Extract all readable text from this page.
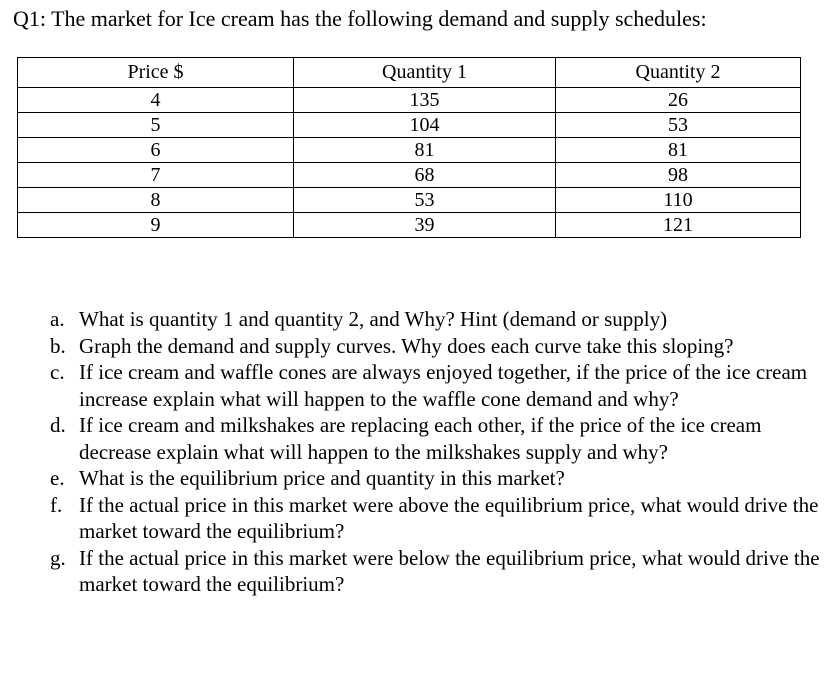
Q1: The market for Ice cream has the following demand and supply schedules:
Price $	Quantity 1	Quantity 2
4	135	26
5	104	53
6	81	81
7	68	98
8	53	110
9	39	121
a. What is quantity 1 and quantity 2, and Why? Hint (demand or supply)
b. Graph the demand and supply curves. Why does each curve take this sloping?
c. If ice cream and waffle cones are always enjoyed together, if the price of the ice cream increase explain what will happen to the waffle cone demand and why?
d. If ice cream and milkshakes are replacing each other, if the price of the ice cream decrease explain what will happen to the milkshakes supply and why?
e. What is the equilibrium price and quantity in this market?
f. If the actual price in this market were above the equilibrium price, what would drive the market toward the equilibrium?
g. If the actual price in this market were below the equilibrium price, what would drive the market toward the equilibrium?
